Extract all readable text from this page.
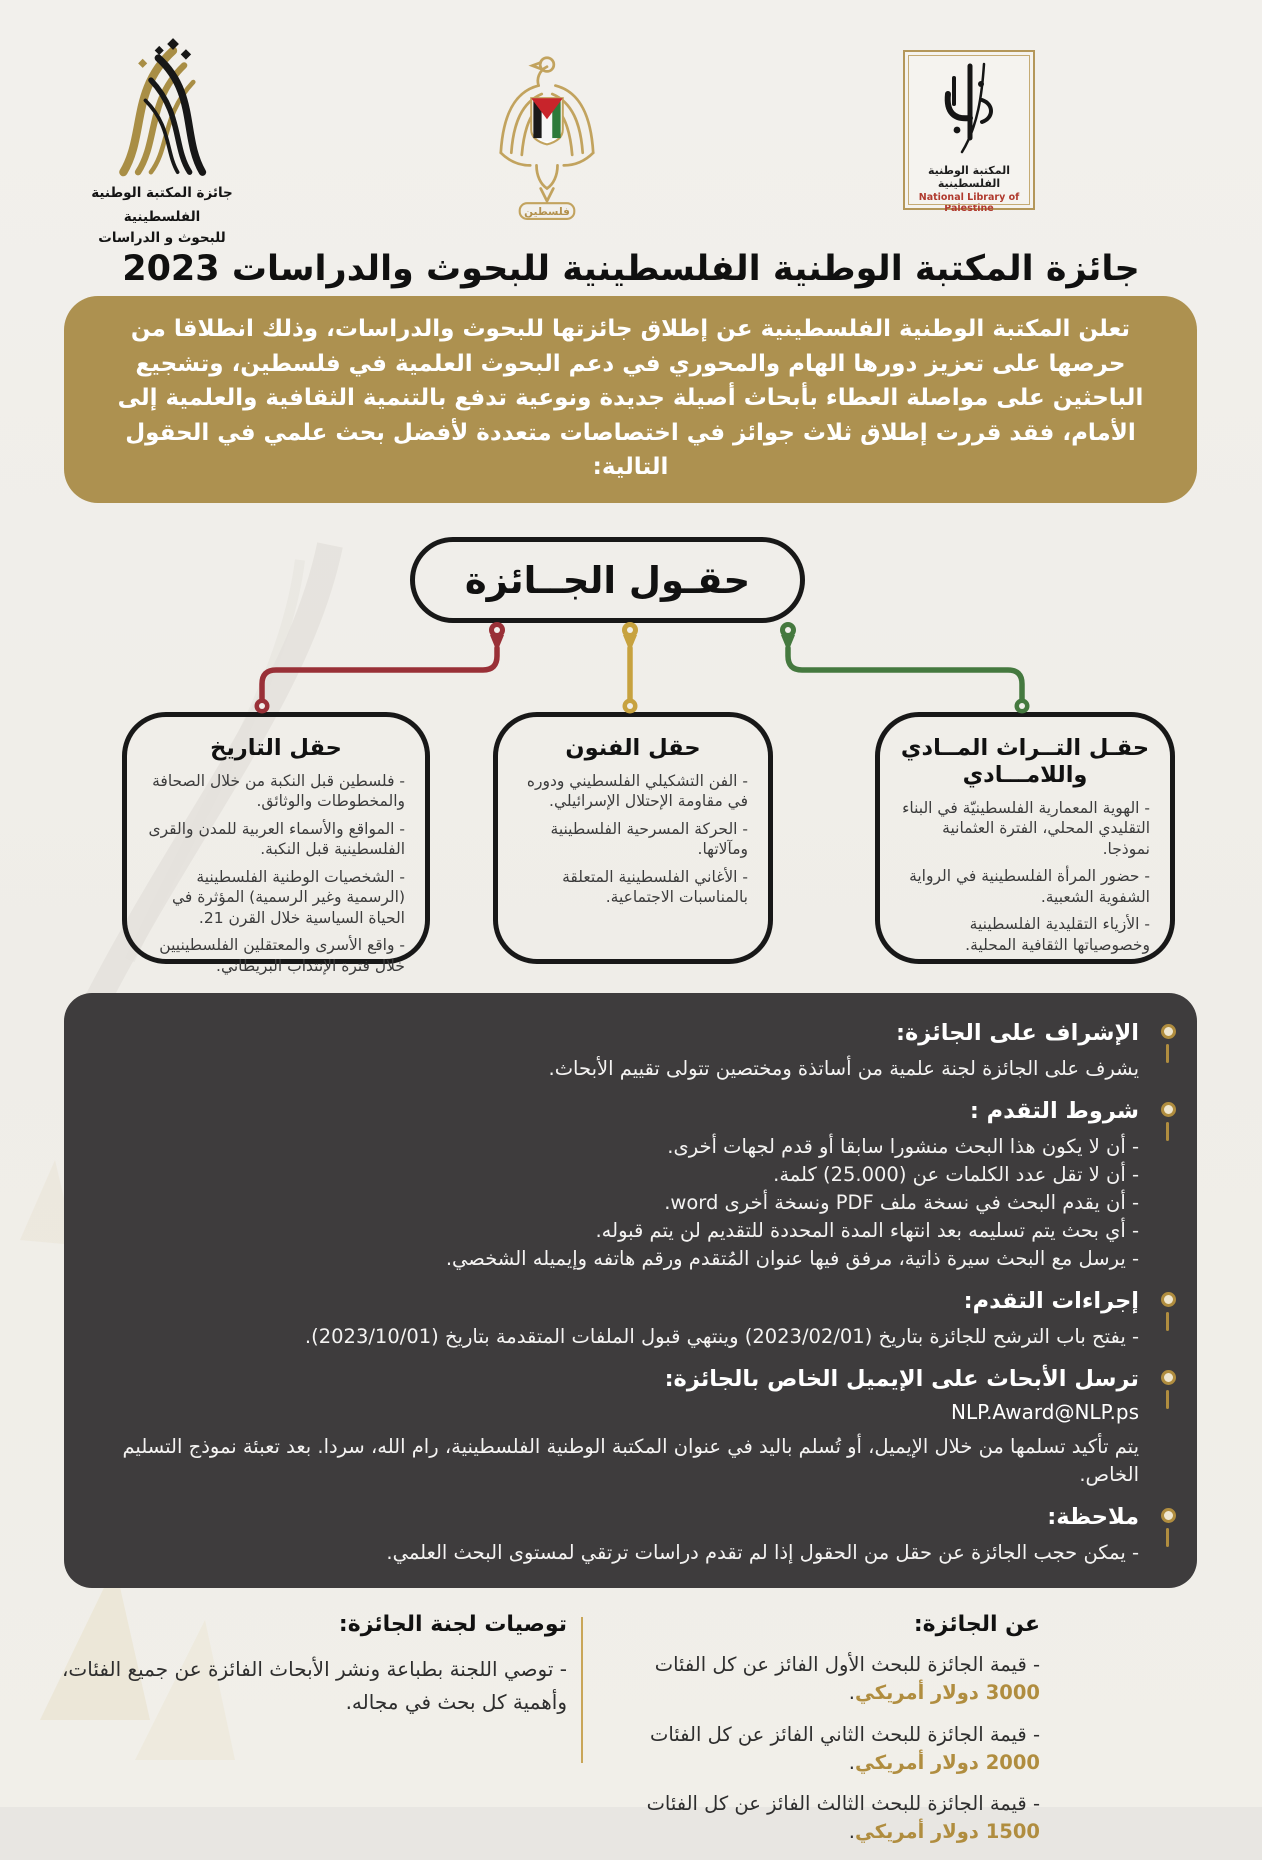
جائزة المكتبة الوطنية الفلسطينية
للبحوث و الدراسات
فلسطين
المكتبة الوطنية الفلسطينية
National Library of Palestine
جائزة المكتبة الوطنية الفلسطينية للبحوث والدراسات 2023
تعلن المكتبة الوطنية الفلسطينية عن إطلاق جائزتها للبحوث والدراسات، وذلك انطلاقا من حرصها على تعزيز دورها الهام والمحوري في دعم البحوث العلمية في فلسطين، وتشجيع الباحثين على مواصلة العطاء بأبحاث أصيلة جديدة ونوعية تدفع بالتنمية الثقافية والعلمية إلى الأمام، فقد قررت إطلاق ثلاث جوائز في اختصاصات متعددة لأفضل بحث علمي في الحقول التالية:
حقـول الجــائزة
حقل التاريخ
- فلسطين قبل النكبة من خلال الصحافة والمخطوطات والوثائق.
- المواقع والأسماء العربية للمدن والقرى الفلسطينية قبل النكبة.
- الشخصيات الوطنية الفلسطينية (الرسمية وغير الرسمية) المؤثرة في الحياة السياسية خلال القرن 21.
- واقع الأسرى والمعتقلين الفلسطينيين خلال فترة الإنتداب البريطاني.
حقل الفنون
- الفن التشكيلي الفلسطيني ودوره في مقاومة الإحتلال الإسرائيلي.
- الحركة المسرحية الفلسطينية ومآلاتها.
- الأغاني الفلسطينية المتعلقة بالمناسبات الاجتماعية.
حقـل التــراث المــادي واللامـــادي
- الهوية المعمارية الفلسطينيّة في البناء التقليدي المحلي، الفترة العثمانية نموذجا.
- حضور المرأة الفلسطينية في الرواية الشفوية الشعبية.
- الأزياء التقليدية الفلسطينية وخصوصياتها الثقافية المحلية.
الإشراف على الجائزة:
يشرف على الجائزة لجنة علمية من أساتذة ومختصين تتولى تقييم الأبحاث.
شروط التقدم :
- أن لا يكون هذا البحث منشورا سابقا أو قدم لجهات أخرى.
- أن لا تقل عدد الكلمات عن (25.000) كلمة.
- أن يقدم البحث في نسخة ملف PDF ونسخة أخرى word.
- أي بحث يتم تسليمه بعد انتهاء المدة المحددة للتقديم لن يتم قبوله.
- يرسل مع البحث سيرة ذاتية، مرفق فيها عنوان المُتقدم ورقم هاتفه وإيميله الشخصي.
إجراءات التقدم:
- يفتح باب الترشح للجائزة بتاريخ (2023/02/01) وينتهي قبول الملفات المتقدمة بتاريخ (2023/10/01).
ترسل الأبحاث على الإيميل الخاص بالجائزة:
NLP.Award@NLP.ps
يتم تأكيد تسلمها من خلال الإيميل، أو تُسلم باليد في عنوان المكتبة الوطنية الفلسطينية، رام الله، سردا. بعد تعبئة نموذج التسليم الخاص.
ملاحظة:
- يمكن حجب الجائزة عن حقل من الحقول إذا لم تقدم دراسات ترتقي لمستوى البحث العلمي.
عن الجائزة:
- قيمة الجائزة للبحث الأول الفائز عن كل الفئات 3000 دولار أمريكي.
- قيمة الجائزة للبحث الثاني الفائز عن كل الفئات 2000 دولار أمريكي.
- قيمة الجائزة للبحث الثالث الفائز عن كل الفئات 1500 دولار أمريكي.
توصيات لجنة الجائزة:
- توصي اللجنة بطباعة ونشر الأبحاث الفائزة عن جميع الفئات، وأهمية كل بحث في مجاله.
